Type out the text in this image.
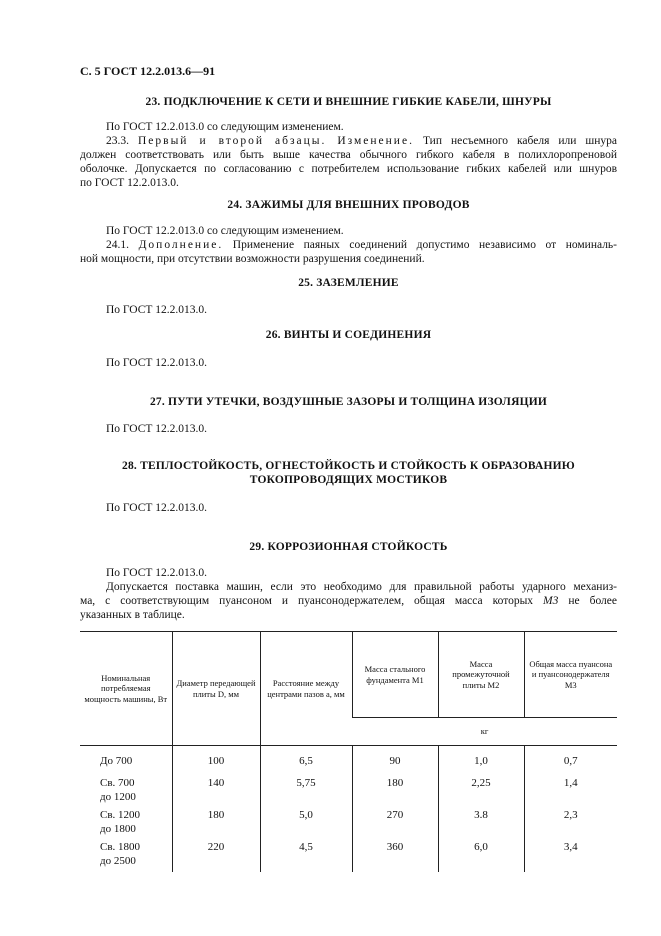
С. 5 ГОСТ 12.2.013.6—91
23. ПОДКЛЮЧЕНИЕ К СЕТИ И ВНЕШНИЕ ГИБКИЕ КАБЕЛИ, ШНУРЫ
По ГОСТ 12.2.013.0 со следующим изменением.
23.3. Первый и второй абзацы. Изменение. Тип несъемного кабеля или шнура
должен соответствовать или быть выше качества обычного гибкого кабеля в полихлоропреновой
оболочке. Допускается по согласованию с потребителем использование гибких кабелей или шнуров
по ГОСТ 12.2.013.0.
24. ЗАЖИМЫ ДЛЯ ВНЕШНИХ ПРОВОДОВ
По ГОСТ 12.2.013.0 со следующим изменением.
24.1. Дополнение. Применение паяных соединений допустимо независимо от номиналь-
ной мощности, при отсутствии возможности разрушения соединений.
25. ЗАЗЕМЛЕНИЕ
По ГОСТ 12.2.013.0.
26. ВИНТЫ И СОЕДИНЕНИЯ
По ГОСТ 12.2.013.0.
27. ПУТИ УТЕЧКИ, ВОЗДУШНЫЕ ЗАЗОРЫ И ТОЛЩИНА ИЗОЛЯЦИИ
По ГОСТ 12.2.013.0.
28. ТЕПЛОСТОЙКОСТЬ, ОГНЕСТОЙКОСТЬ И СТОЙКОСТЬ К ОБРАЗОВАНИЮ
ТОКОПРОВОДЯЩИХ МОСТИКОВ
По ГОСТ 12.2.013.0.
29. КОРРОЗИОННАЯ СТОЙКОСТЬ
По ГОСТ 12.2.013.0.
Допускается поставка машин, если это необходимо для правильной работы ударного механиз-
ма, с соответствующим пуансоном и пуансонодержателем, общая масса которых M3 не более
указанных в таблице.
Номинальная потребляемая мощность машины, Вт	Диаметр передающей плиты D, мм	Расстояние между центрами пазов a, мм	Масса стального фундамента M1	Масса промежуточной плиты M2	Общая масса пуансона и пуансонодержателя M3
			кг		

До 700	100	6,5	90	1,0	0,7

Св. 700
до 1200	140	5,75	180	2,25	1,4

Св. 1200
до 1800	180	5,0	270	3.8	2,3

Св. 1800
до 2500	220	4,5	360	6,0	3,4
